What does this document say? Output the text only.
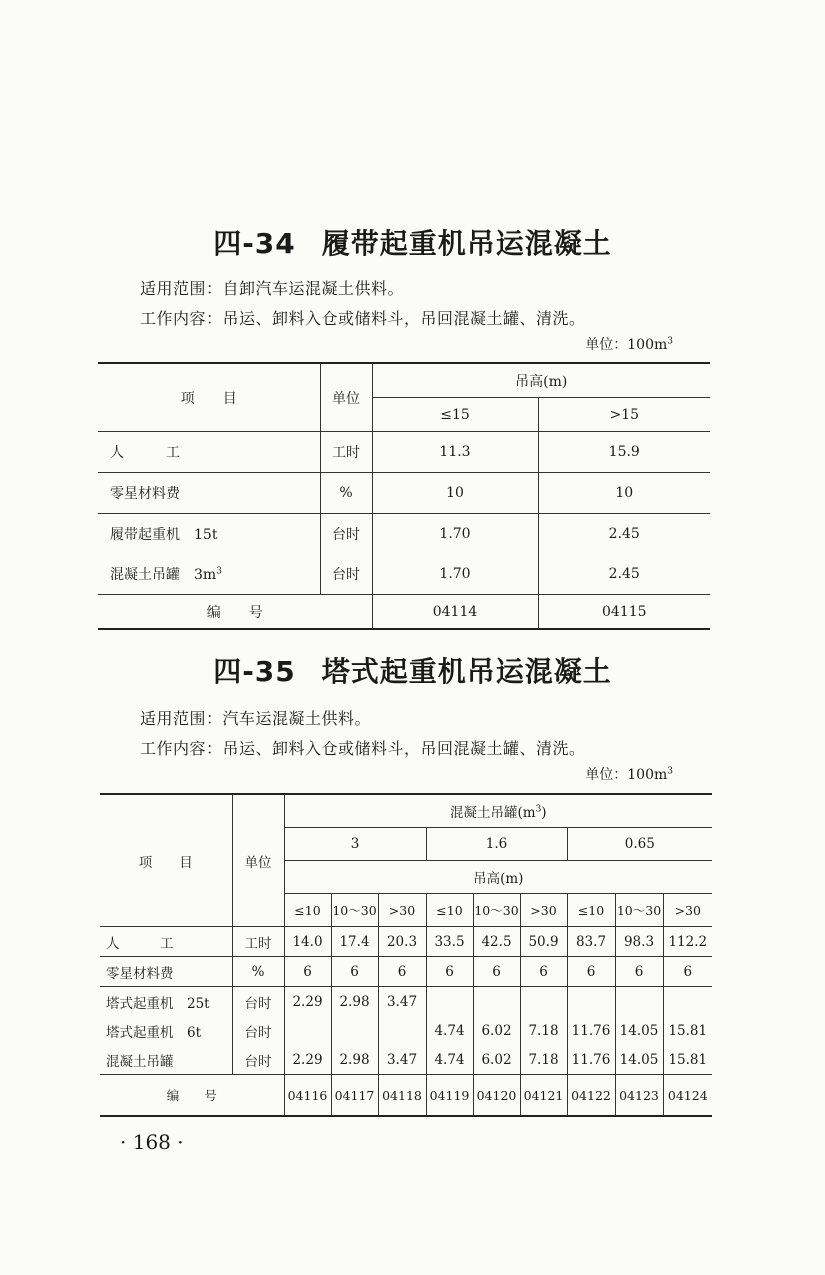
四-34 履带起重机吊运混凝土
适用范围：自卸汽车运混凝土供料。
工作内容：吊运、卸料入仓或储料斗，吊回混凝土罐、清洗。
单位：$100m^3$
项　　目	单位	吊高(m)	
		≤15	>15
人　　　工	工时	11.3	15.9
零星材料费	%	10	10
履带起重机　15t	台时	1.70	2.45
混凝土吊罐　$3m^3$	台时	1.70	2.45
编　　号		04114	04115
四-35 塔式起重机吊运混凝土
适用范围：汽车运混凝土供料。
工作内容：吊运、卸料入仓或储料斗，吊回混凝土罐、清洗。
单位：$100m^3$
项　　目	单位	混凝土吊罐$(m^3)$								
		3			1.6			0.65		
		吊高(m)								
		≤10	10～30	>30	≤10	10～30	>30	≤10	10～30	>30
人　　　工	工时	14.0	17.4	20.3	33.5	42.5	50.9	83.7	98.3	112.2
零星材料费	%	6	6	6	6	6	6	6	6	6
塔式起重机　25t	台时	2.29	2.98	3.47						
塔式起重机　6t	台时				4.74	6.02	7.18	11.76	14.05	15.81
混凝土吊罐	台时	2.29	2.98	3.47	4.74	6.02	7.18	11.76	14.05	15.81
编　　号		04116	04117	04118	04119	04120	04121	04122	04123	04124
· 168 ·
